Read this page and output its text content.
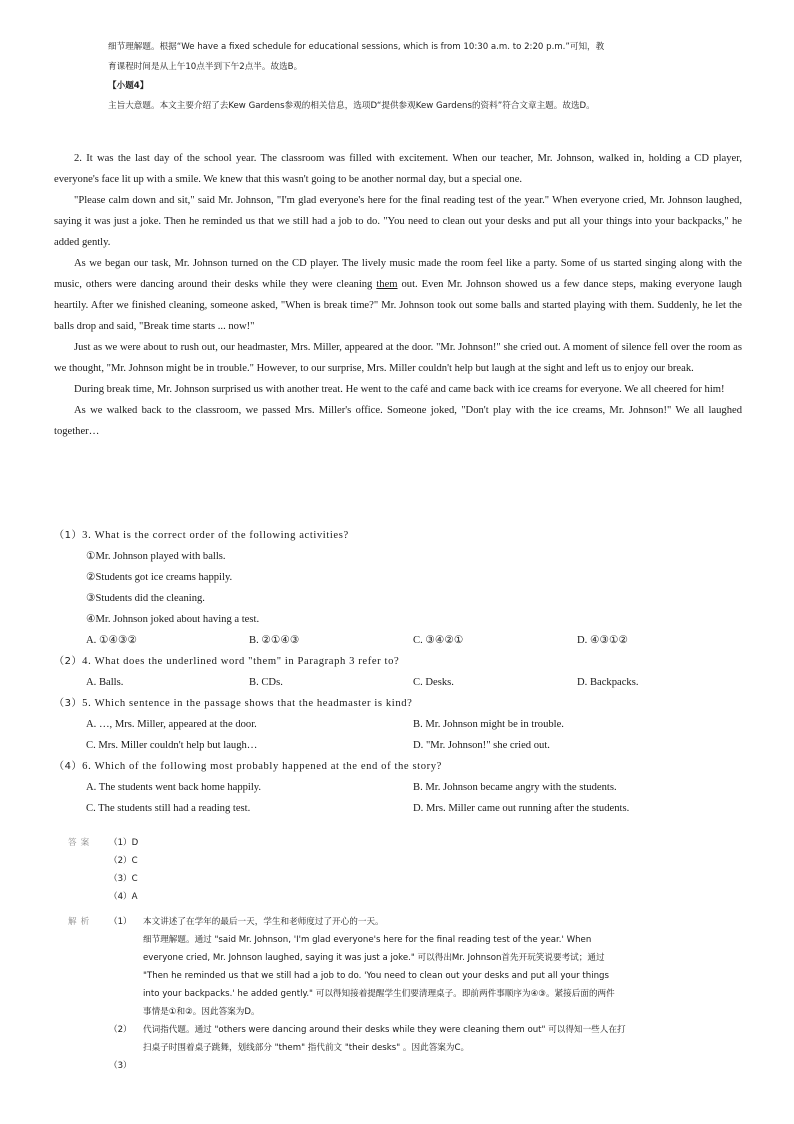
细节理解题。根据“We have a fixed schedule for educational sessions, which is from 10:30 a.m. to 2:20 p.m.”可知，教
育课程时间是从上午10点半到下午2点半。故选B。
【小题4】
主旨大意题。本文主要介绍了去Kew Gardens参观的相关信息，选项D“提供参观Kew Gardens的资料”符合文章主题。故选D。

2. It was the last day of the school year. The classroom was filled with excitement. When our teacher, Mr. Johnson, walked in, holding a CD player, everyone's face lit up with a smile. We knew that this wasn't going to be another normal day, but a special one.

"Please calm down and sit," said Mr. Johnson, "I'm glad everyone's here for the final reading test of the year." When everyone cried, Mr. Johnson laughed, saying it was just a joke. Then he reminded us that we still had a job to do. "You need to clean out your desks and put all your things into your backpacks," he added gently.

As we began our task, Mr. Johnson turned on the CD player. The lively music made the room feel like a party. Some of us started singing along with the music, others were dancing around their desks while they were cleaning them out. Even Mr. Johnson showed us a few dance steps, making everyone laugh heartily. After we finished cleaning, someone asked, "When is break time?" Mr. Johnson took out some balls and started playing with them. Suddenly, he let the balls drop and said, "Break time starts ... now!"

Just as we were about to rush out, our headmaster, Mrs. Miller, appeared at the door. "Mr. Johnson!" she cried out. A moment of silence fell over the room as we thought, "Mr. Johnson might be in trouble." However, to our surprise, Mrs. Miller couldn't help but laugh at the sight and left us to enjoy our break.

During break time, Mr. Johnson surprised us with another treat. He went to the café and came back with ice creams for everyone. We all cheered for him!

As we walked back to the classroom, we passed Mrs. Miller's office. Someone joked, "Don't play with the ice creams, Mr. Johnson!" We all laughed together…

（1）3. What is the correct order of the following activities?
①Mr. Johnson played with balls.
②Students got ice creams happily.
③Students did the cleaning.
④Mr. Johnson joked about having a test.
A. ①④③②	B. ②①④③	C. ③④②①	D. ④③①②
（2）4. What does the underlined word "them" in Paragraph 3 refer to?
A. Balls.	B. CDs.	C. Desks.	D. Backpacks.
（3）5. Which sentence in the passage shows that the headmaster is kind?
A. …, Mrs. Miller, appeared at the door.	B. Mr. Johnson might be in trouble.
C. Mrs. Miller couldn't help but laugh…	D. "Mr. Johnson!" she cried out.
（4）6. Which of the following most probably happened at the end of the story?
A. The students went back home happily.	B. Mr. Johnson became angry with the students.
C. The students still had a reading test.	D. Mrs. Miller came out running after the students.
答案 （1）D
（2）C
（3）C
（4）A
解析 （1） 本文讲述了在学年的最后一天，学生和老师度过了开心的一天。
细节理解题。通过 "said Mr. Johnson, 'I'm glad everyone's here for the final reading test of the year.' When
everyone cried, Mr. Johnson laughed, saying it was just a joke." 可以得出Mr. Johnson首先开玩笑说要考试；通过
"Then he reminded us that we still had a job to do. 'You need to clean out your desks and put all your things
into your backpacks.' he added gently." 可以得知接着提醒学生们要清理桌子。即前两件事顺序为④③。紧接后面的两件
事情是①和②。因此答案为D。
（2） 代词指代题。通过 "others were dancing around their desks while they were cleaning them out" 可以得知一些人在打
扫桌子时围着桌子跳舞，划线部分 "them" 指代前文 "their desks" 。因此答案为C。
（3）
